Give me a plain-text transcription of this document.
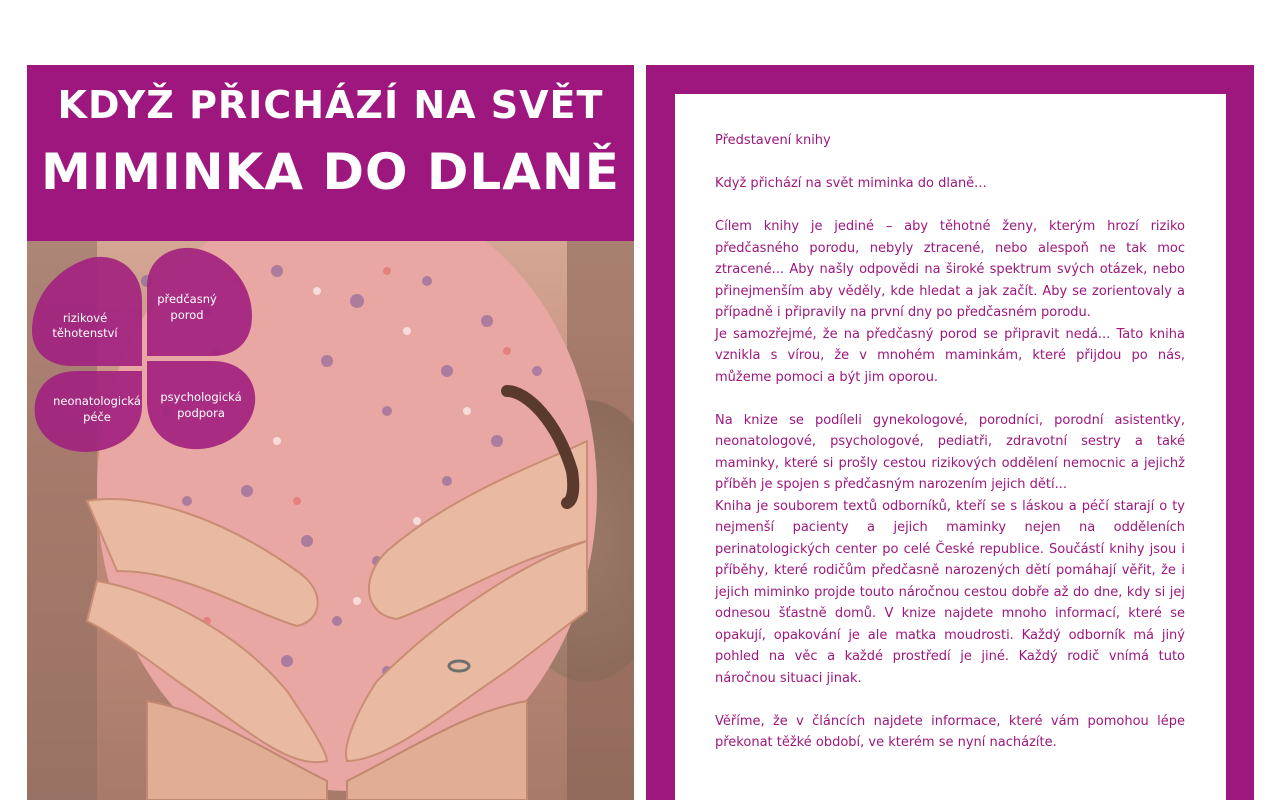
KDYŽ PŘICHÁZÍ NA SVĚT
MIMINKA DO DLANĚ
rizikové
těhotenství
předčasný
porod
neonatologická
péče
psychologická
podpora

Představení knihy

Když přichází na svět miminka do dlaně...

Cílem knihy je jediné – aby těhotné ženy, kterým hrozí riziko předčasného porodu, nebyly ztracené, nebo alespoň ne tak moc ztracené... Aby našly odpovědi na široké spektrum svých otázek, nebo přinejmenším aby věděly, kde hledat a jak začít. Aby se zorientovaly a případně i připravily na první dny po předčasném porodu.

Je samozřejmé, že na předčasný porod se připravit nedá... Tato kniha vznikla s vírou, že v mnohém maminkám, které přijdou po nás, můžeme pomoci a být jim oporou.

Na knize se podíleli gynekologové, porodníci, porodní asistentky, neonatologové, psychologové, pediatři, zdravotní sestry a také maminky, které si prošly cestou rizikových oddělení nemocnic a jejichž příběh je spojen s předčasným narozením jejich dětí...

Kniha je souborem textů odborníků, kteří se s láskou a péčí starají o ty nejmenší pacienty a jejich maminky nejen na odděleních perinatologických center po celé České republice. Součástí knihy jsou i příběhy, které rodičům předčasně narozených dětí pomáhají věřit, že i jejich miminko projde touto náročnou cestou dobře až do dne, kdy si jej odnesou šťastně domů. V knize najdete mnoho informací, které se opakují, opakování je ale matka moudrosti. Každý odborník má jiný pohled na věc a každé prostředí je jiné. Každý rodič vnímá tuto náročnou situaci jinak.

Věříme, že v článcích najdete informace, které vám pomohou lépe překonat těžké období, ve kterém se nyní nacházíte.
